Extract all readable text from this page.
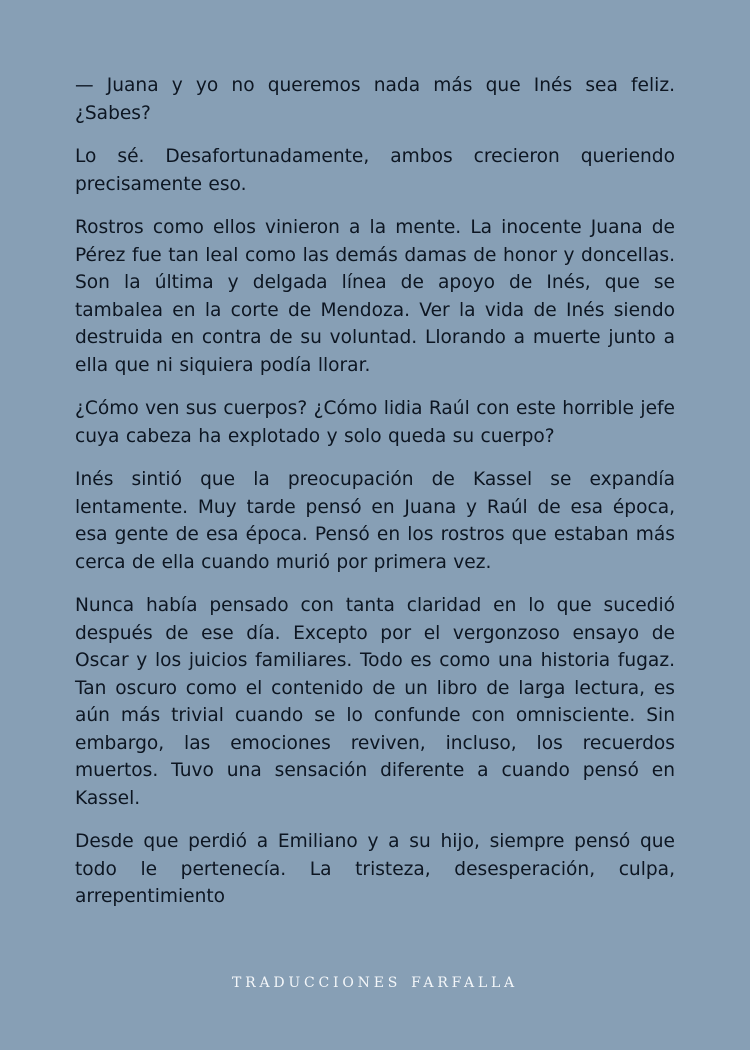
— Juana y yo no queremos nada más que Inés sea feliz. ¿Sabes?

Lo sé. Desafortunadamente, ambos crecieron queriendo precisamente eso.

Rostros como ellos vinieron a la mente. La inocente Juana de Pérez fue tan leal como las demás damas de honor y doncellas. Son la última y delgada línea de apoyo de Inés, que se tambalea en la corte de Mendoza. Ver la vida de Inés siendo destruida en contra de su voluntad. Llorando a muerte junto a ella que ni siquiera podía llorar.

¿Cómo ven sus cuerpos? ¿Cómo lidia Raúl con este horrible jefe cuya cabeza ha explotado y solo queda su cuerpo?

Inés sintió que la preocupación de Kassel se expandía lentamente. Muy tarde pensó en Juana y Raúl de esa época, esa gente de esa época. Pensó en los rostros que estaban más cerca de ella cuando murió por primera vez.

Nunca había pensado con tanta claridad en lo que sucedió después de ese día. Excepto por el vergonzoso ensayo de Oscar y los juicios familiares. Todo es como una historia fugaz. Tan oscuro como el contenido de un libro de larga lectura, es aún más trivial cuando se lo confunde con omnisciente. Sin embargo, las emociones reviven, incluso, los recuerdos muertos. Tuvo una sensación diferente a cuando pensó en Kassel.

Desde que perdió a Emiliano y a su hijo, siempre pensó que todo le pertenecía. La tristeza, desesperación, culpa, arrepentimiento

TRADUCCIONES FARFALLA
